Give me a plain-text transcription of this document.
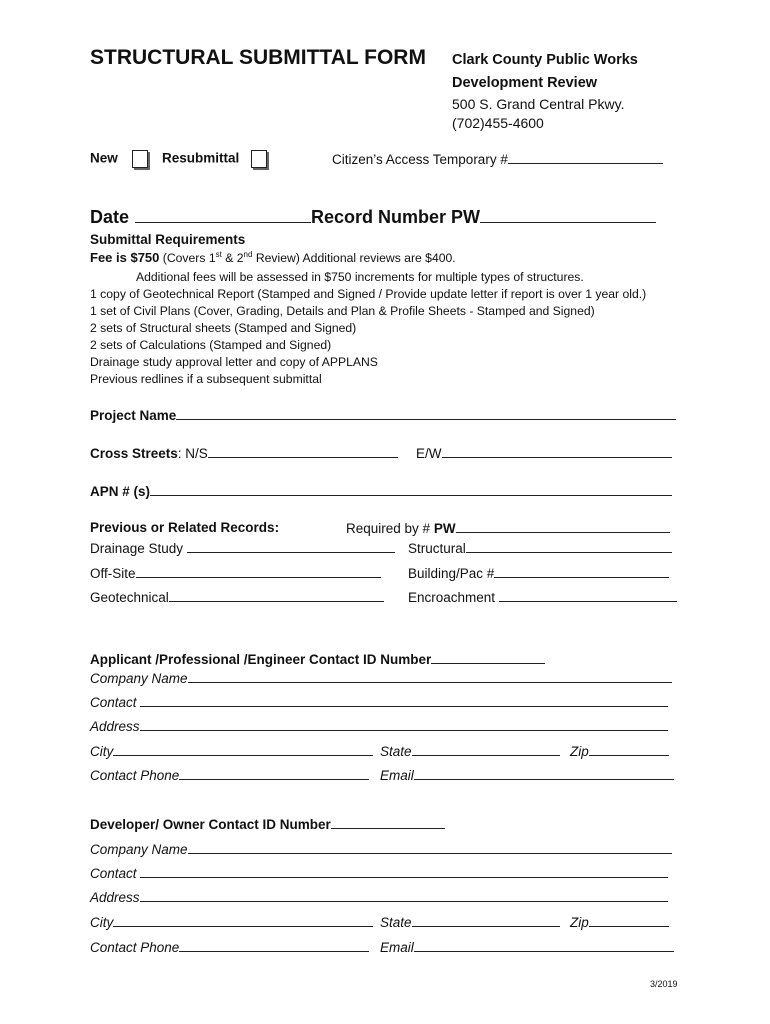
STRUCTURAL SUBMITTAL FORM Clark County Public Works
Development Review
500 S. Grand Central Pkwy.
(702)455-4600
New	Resubmittal	Citizen’s Access Temporary #
Date	Record Number PW
Submittal Requirements
Fee is $750 (Covers 1st & 2nd Review) Additional reviews are $400.
Additional fees will be assessed in $750 increments for multiple types of structures.
1 copy of Geotechnical Report (Stamped and Signed / Provide update letter if report is over 1 year old.)
1 set of Civil Plans (Cover, Grading, Details and Plan & Profile Sheets - Stamped and Signed)
2 sets of Structural sheets (Stamped and Signed)
2 sets of Calculations (Stamped and Signed)
Drainage study approval letter and copy of APPLANS
Previous redlines if a subsequent submittal
Project Name
Cross Streets: N/S	E/W
APN # (s)
Previous or Related Records:	Required by # PW
Drainage Study	Structural
Off-Site	Building/Pac #
Geotechnical	Encroachment
Applicant /Professional /Engineer Contact ID Number
Company Name
Contact
Address
City	State	Zip
Contact Phone	Email
Developer/ Owner Contact ID Number
Company Name
Contact
Address
City	State	Zip
Contact Phone	Email
3/2019
